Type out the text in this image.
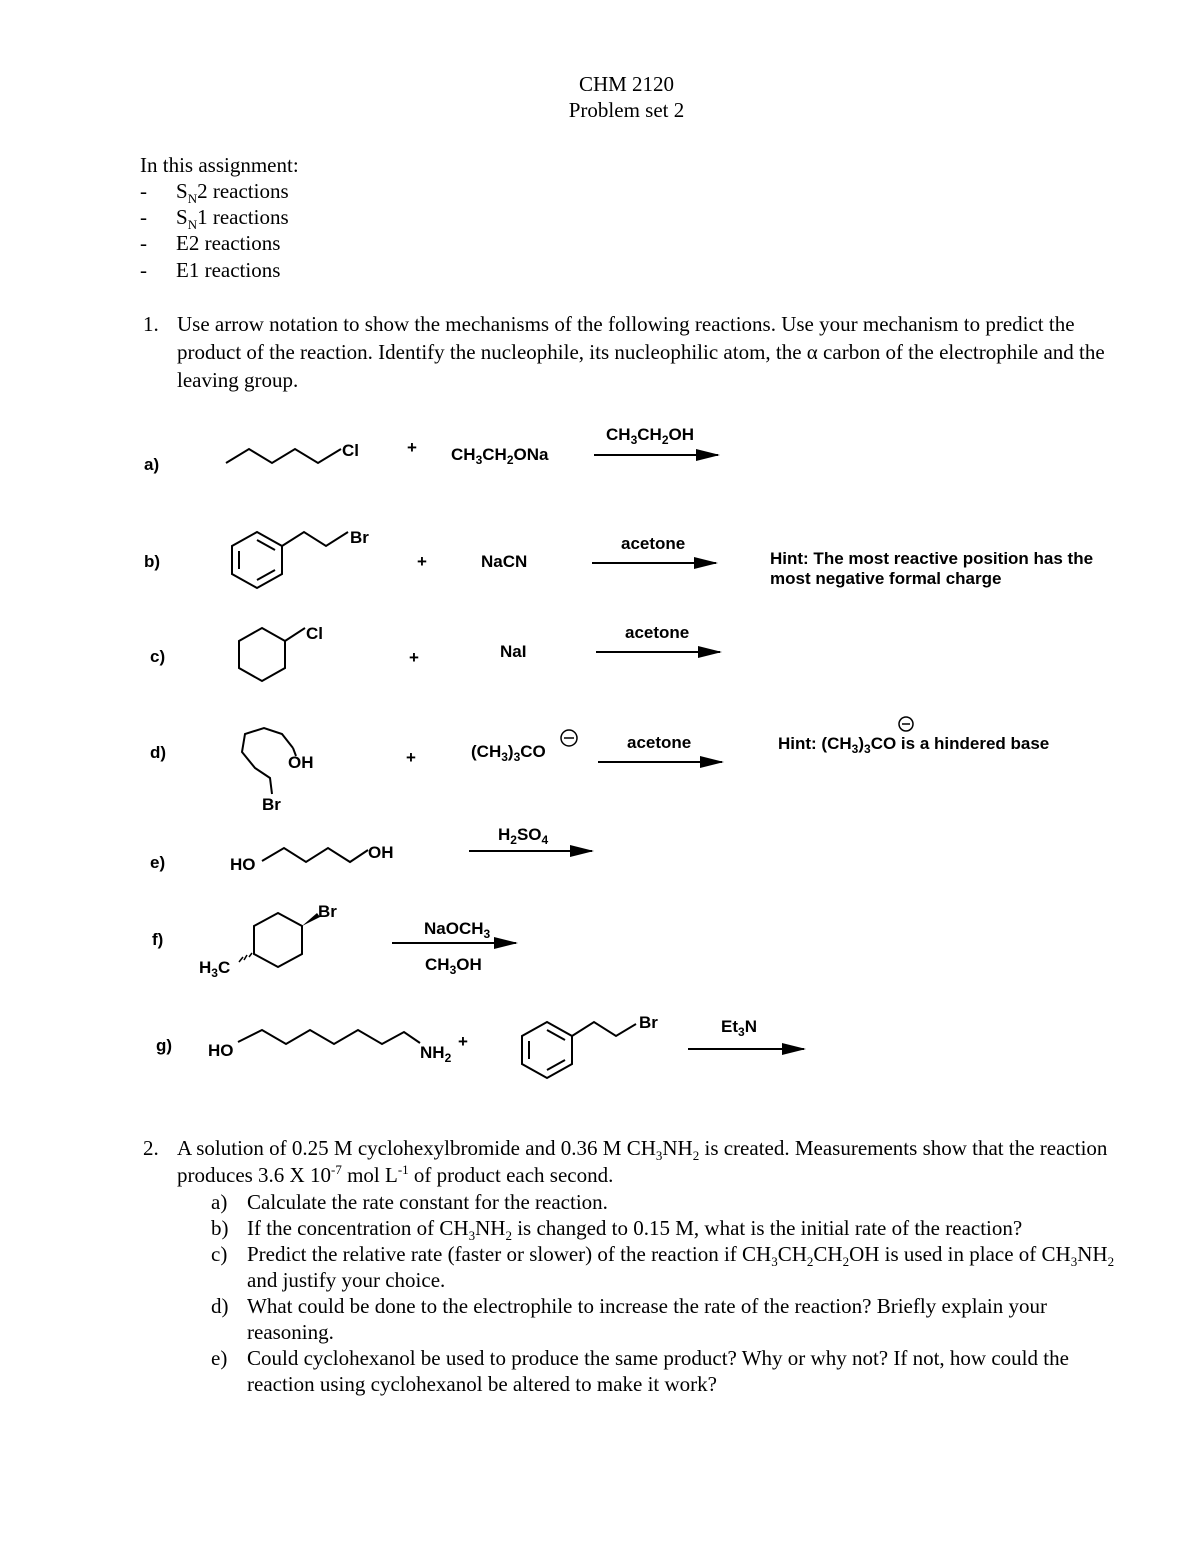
CHM 2120
Problem set 2
In this assignment:
- $S_N2$ reactions
- $S_N1$ reactions
- E2 reactions
- E1 reactions
1. Use arrow notation to show the mechanisms of the following reactions. Use your mechanism to predict the product of the reaction. Identify the nucleophile, its nucleophilic atom, the α carbon of the electrophile and the leaving group.
a)
Cl	+ $CH_3CH_2ONa$
$CH_3CH_2OH$
b)
Br
+	NaCN
acetone
Hint: The most reactive position has the
most negative formal charge
c)
Cl
+	NaI
acetone
d)
OH
Br
+	$(CH_3)_3CO$	acetone	Hint: $(CH_3)_3CO$ is a hindered base
e)	HO
OH
$H_2SO_4$
f)
Br
$H_3C$
NaOCH$_3$
$CH_3OH$
g) HO	$NH_2$
+
Br	$Et_3N$
2. A solution of 0.25 M cyclohexylbromide and 0.36 M $CH_3NH_2$ is created. Measurements show that the reaction produces 3.6 X $10^{-7}$ mol $L^{-1}$ of product each second.
a) Calculate the rate constant for the reaction.
b) If the concentration of $CH_3NH_2$ is changed to 0.15 M, what is the initial rate of the reaction?
c) Predict the relative rate (faster or slower) of the reaction if $CH_3CH_2CH_2OH$ is used in place of $CH_3NH_2$ and justify your choice.
d) What could be done to the electrophile to increase the rate of the reaction? Briefly explain your reasoning.
e) Could cyclohexanol be used to produce the same product? Why or why not? If not, how could the reaction using cyclohexanol be altered to make it work?
